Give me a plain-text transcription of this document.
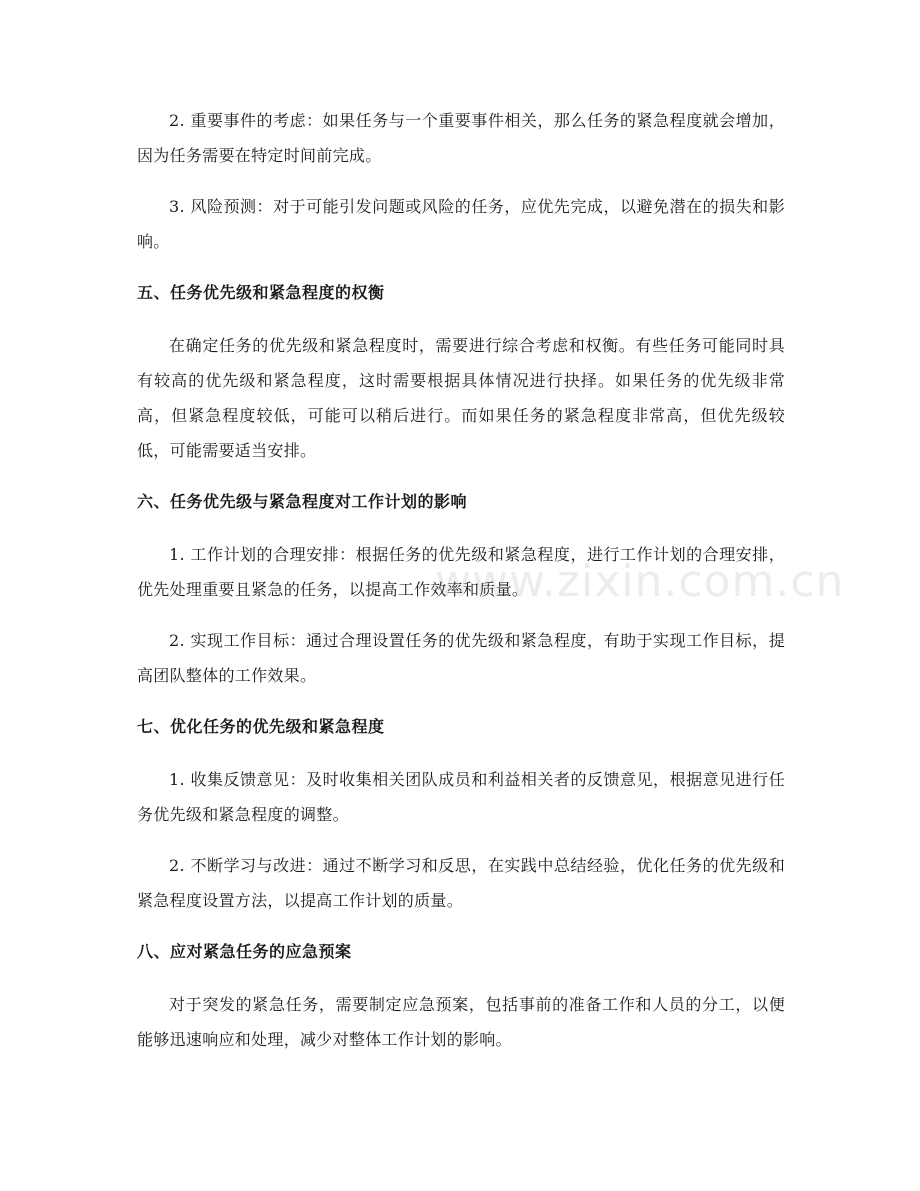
2. 重要事件的考虑：如果任务与一个重要事件相关，那么任务的紧急程度就会增加，因为任务需要在特定时间前完成。

3. 风险预测：对于可能引发问题或风险的任务，应优先完成，以避免潜在的损失和影响。

五、任务优先级和紧急程度的权衡

在确定任务的优先级和紧急程度时，需要进行综合考虑和权衡。有些任务可能同时具有较高的优先级和紧急程度，这时需要根据具体情况进行抉择。如果任务的优先级非常高，但紧急程度较低，可能可以稍后进行。而如果任务的紧急程度非常高，但优先级较低，可能需要适当安排。

六、任务优先级与紧急程度对工作计划的影响

1. 工作计划的合理安排：根据任务的优先级和紧急程度，进行工作计划的合理安排，优先处理重要且紧急的任务，以提高工作效率和质量。

2. 实现工作目标：通过合理设置任务的优先级和紧急程度，有助于实现工作目标，提高团队整体的工作效果。

七、优化任务的优先级和紧急程度

1. 收集反馈意见：及时收集相关团队成员和利益相关者的反馈意见，根据意见进行任务优先级和紧急程度的调整。

2. 不断学习与改进：通过不断学习和反思，在实践中总结经验，优化任务的优先级和紧急程度设置方法，以提高工作计划的质量。

八、应对紧急任务的应急预案

对于突发的紧急任务，需要制定应急预案，包括事前的准备工作和人员的分工，以便能够迅速响应和处理，减少对整体工作计划的影响。

www.zixin.com.cn
